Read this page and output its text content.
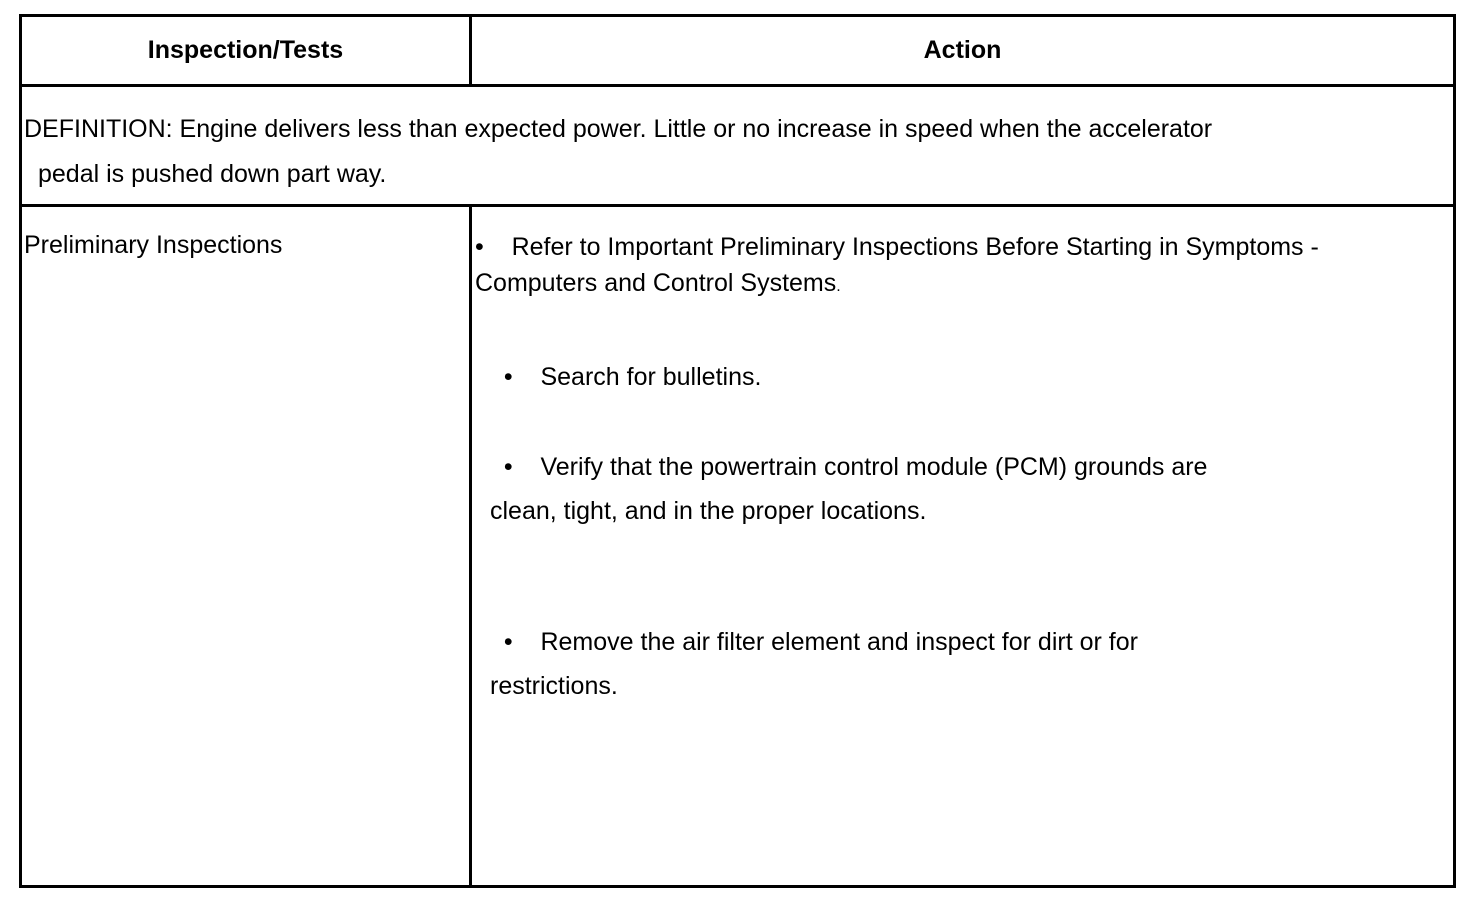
Inspection/Tests	Action
DEFINITION: Engine delivers less than expected power. Little or no increase in speed when the accelerator
pedal is pushed down part way.
Preliminary Inspections	• Refer to Important Preliminary Inspections Before Starting in Symptoms -
Computers and Control Systems.
• Search for bulletins.
• Verify that the powertrain control module (PCM) grounds are
clean, tight, and in the proper locations.
• Remove the air filter element and inspect for dirt or for
restrictions.
